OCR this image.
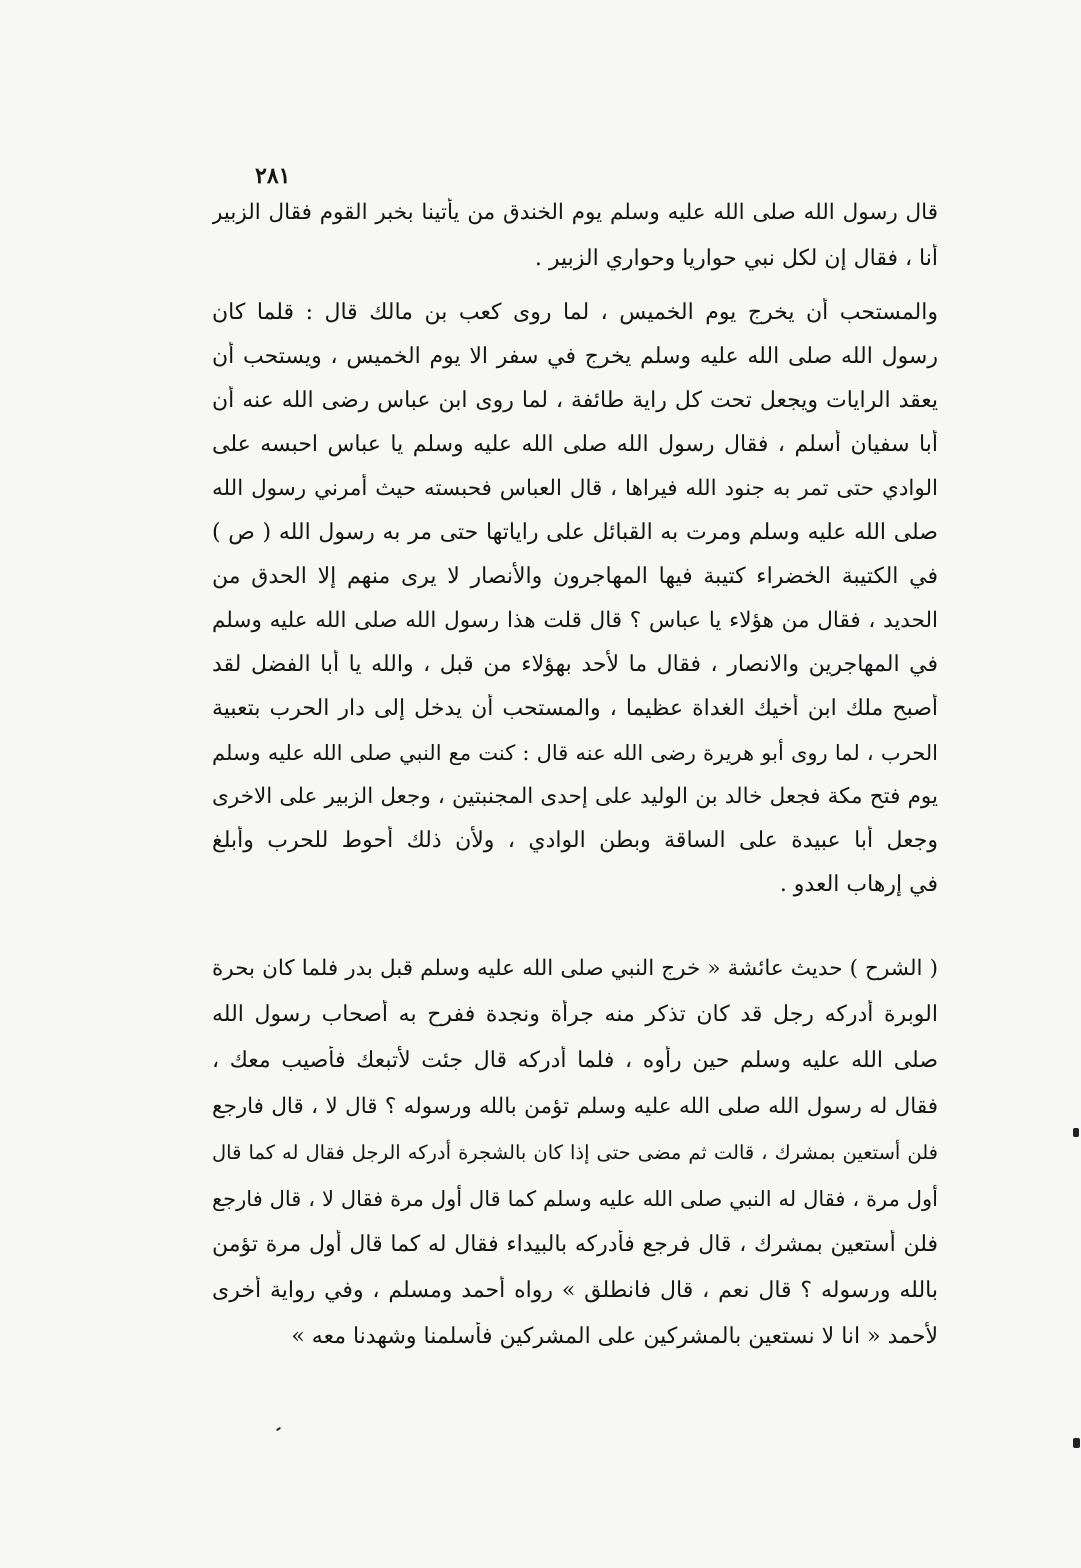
٢٨١
قال رسول الله صلى الله عليه وسلم يوم الخندق من يأتينا بخبر القوم فقال الزبير
أنا ، فقال إن لكل نبي حواريا وحواري الزبير .
والمستحب أن يخرج يوم الخميس ، لما روى كعب بن مالك قال : قلما كان
رسول الله صلى الله عليه وسلم يخرج في سفر الا يوم الخميس ، ويستحب أن
يعقد الرايات ويجعل تحت كل راية طائفة ، لما روى ابن عباس رضى الله عنه أن
أبا سفيان أسلم ، فقال رسول الله صلى الله عليه وسلم يا عباس احبسه على
الوادي حتى تمر به جنود الله فيراها ، قال العباس فحبسته حيث أمرني رسول الله
صلى الله عليه وسلم ومرت به القبائل على راياتها حتى مر به رسول الله ( ص )
في الكتيبة الخضراء كتيبة فيها المهاجرون والأنصار لا يرى منهم إلا الحدق من
الحديد ، فقال من هؤلاء يا عباس ؟ قال قلت هذا رسول الله صلى الله عليه وسلم
في المهاجرين والانصار ، فقال ما لأحد بهؤلاء من قبل ، والله يا أبا الفضل لقد
أصبح ملك ابن أخيك الغداة عظيما ، والمستحب أن يدخل إلى دار الحرب بتعبية
الحرب ، لما روى أبو هريرة رضى الله عنه قال : كنت مع النبي صلى الله عليه وسلم
يوم فتح مكة فجعل خالد بن الوليد على إحدى المجنبتين ، وجعل الزبير على الاخرى
وجعل أبا عبيدة على الساقة وبطن الوادي ، ولأن ذلك أحوط للحرب وأبلغ
في إرهاب العدو .
( الشرح ) حديث عائشة « خرج النبي صلى الله عليه وسلم قبل بدر فلما كان بحرة
الوبرة أدركه رجل قد كان تذكر منه جرأة ونجدة ففرح به أصحاب رسول الله
صلى الله عليه وسلم حين رأوه ، فلما أدركه قال جئت لأتبعك فأصيب معك ،
فقال له رسول الله صلى الله عليه وسلم تؤمن بالله ورسوله ؟ قال لا ، قال فارجع
فلن أستعين بمشرك ، قالت ثم مضى حتى إذا كان بالشجرة أدركه الرجل فقال له كما قال
أول مرة ، فقال له النبي صلى الله عليه وسلم كما قال أول مرة فقال لا ، قال فارجع
فلن أستعين بمشرك ، قال فرجع فأدركه بالبيداء فقال له كما قال أول مرة تؤمن
بالله ورسوله ؟ قال نعم ، قال فانطلق » رواه أحمد ومسلم ، وفي رواية أخرى
لأحمد « انا لا نستعين بالمشركين على المشركين فأسلمنا وشهدنا معه »
